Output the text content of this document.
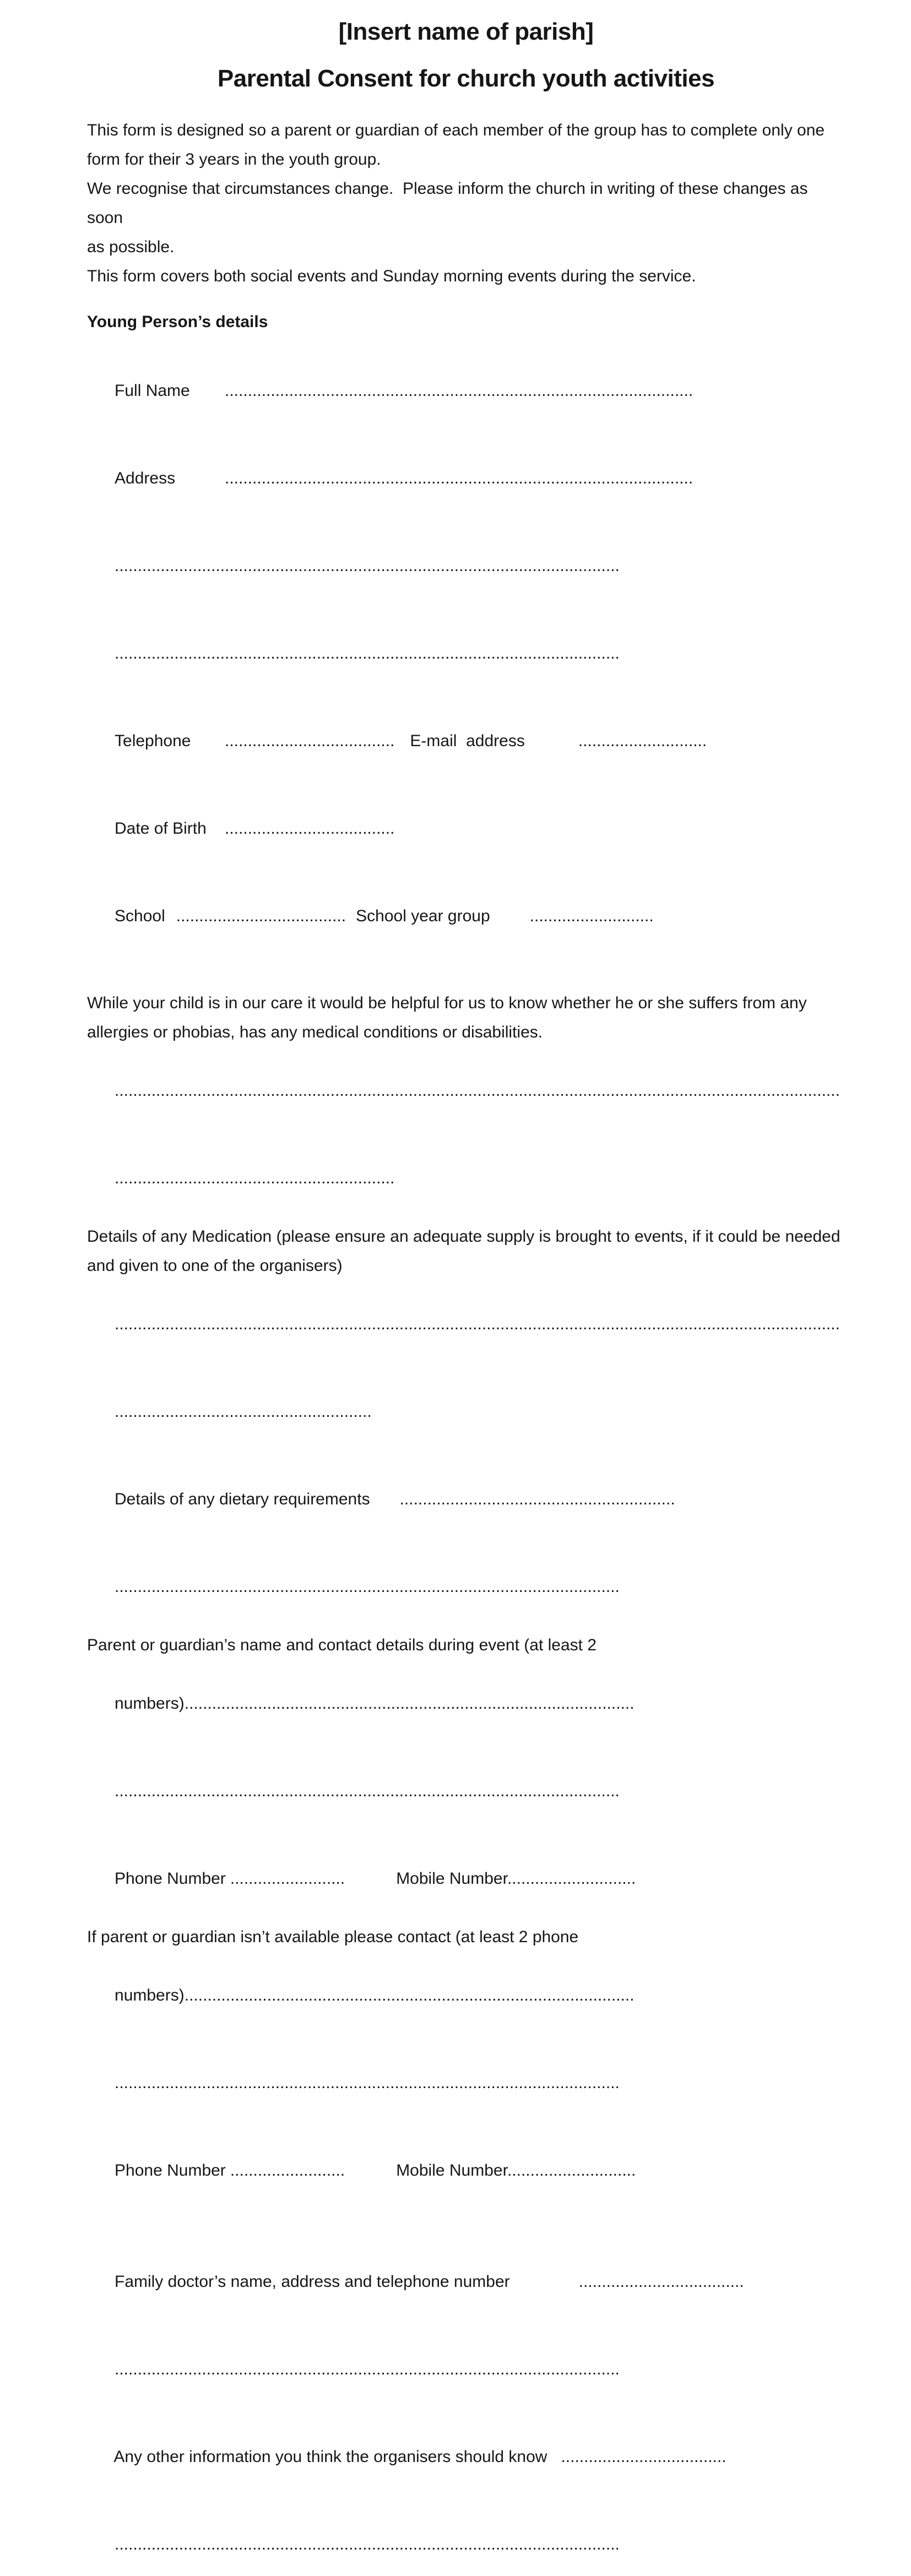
[Insert name of parish]
Parental Consent for church youth activities
This form is designed so a parent or guardian of each member of the group has to complete only one
form for their 3 years in the youth group.
We recognise that circumstances change.  Please inform the church in writing of these changes as soon
as possible.
This form covers both social events and Sunday morning events during the service.
Young Person’s details

Full Name ......................................................................................................

Address	......................................................................................................

..............................................................................................................

..............................................................................................................

Telephone ..................................... E-mail  address	............................

Date of Birth .....................................

School ..................................... School year group ...........................

While your child is in our care it would be helpful for us to know whether he or she suffers from any
allergies or phobias, has any medical conditions or disabilities.

..............................................................................................................................................................

.............................................................

Details of any Medication (please ensure an adequate supply is brought to events, if it could be needed
and given to one of the organisers)

..............................................................................................................................................................

........................................................

Details of any dietary requirements ............................................................

..............................................................................................................

Parent or guardian’s name and contact details during event (at least 2

numbers)..................................................................................................

..............................................................................................................

Phone Number .........................	Mobile Number............................

If parent or guardian isn’t available please contact (at least 2 phone

numbers)..................................................................................................

..............................................................................................................

Phone Number .........................	Mobile Number............................

Family doctor’s name, address and telephone number	....................................

..............................................................................................................

Any other information you think the organisers should know ....................................

..............................................................................................................
